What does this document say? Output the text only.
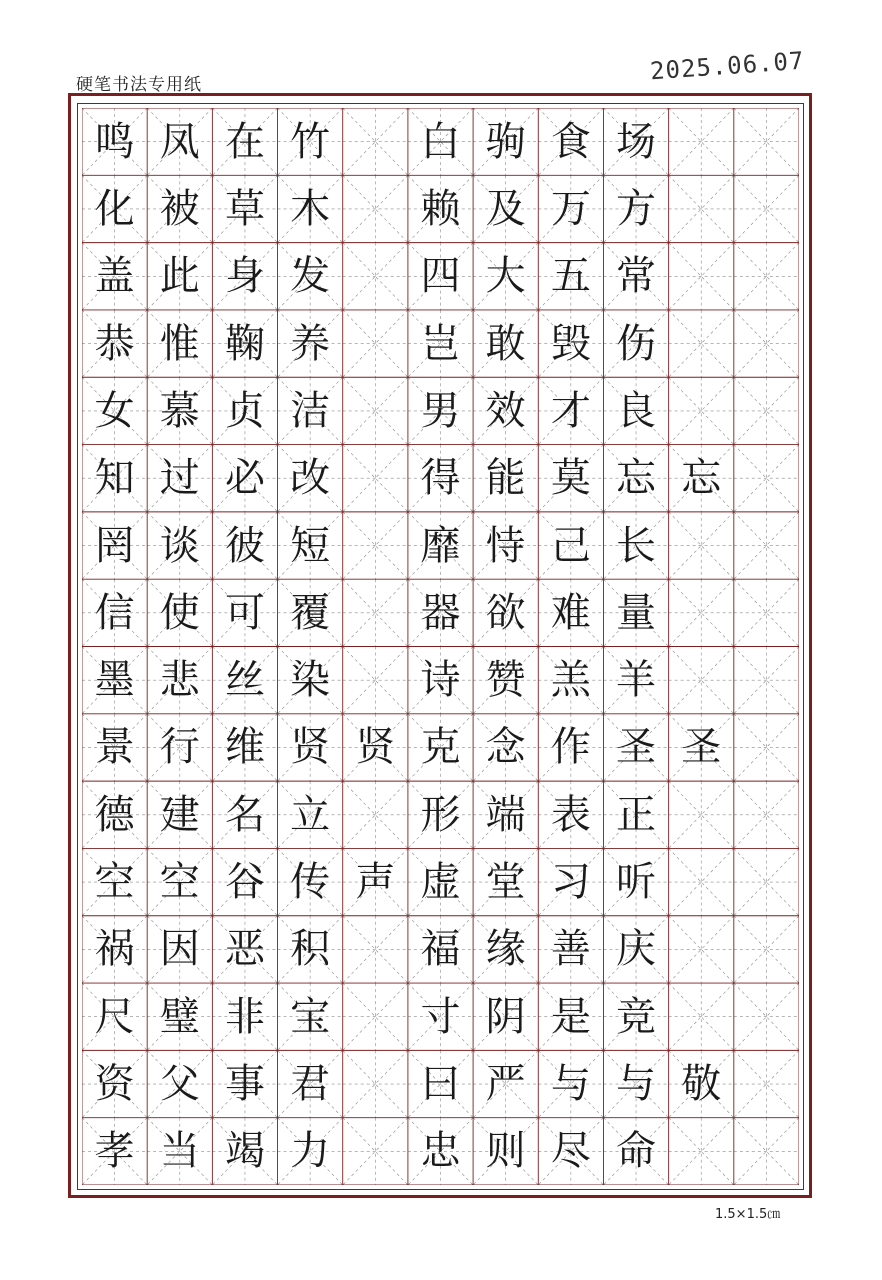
硬笔书法专用纸	2025.06.07
鸣 凤 在 竹	白 驹 食 场
化 被 草 木	赖 及 万 方
盖 此 身 发	四 大 五 常
恭 惟 鞠 养	岂 敢 毁 伤
女 慕 贞 洁	男 效 才 良
知 过 必 改	得 能 莫 忘 忘
罔 谈 彼 短	靡 恃 己 长
信 使 可 覆	器 欲 难 量
墨 悲 丝 染	诗 赞 羔 羊
景 行 维 贤 贤 克 念 作 圣 圣
德 建 名 立	形 端 表 正
空 空 谷 传 声 虚 堂 习 听
祸 因 恶 积	福 缘 善 庆
尺 璧 非 宝	寸 阴 是 竞
资 父 事 君	曰 严 与 与 敬
孝 当 竭 力	忠 则 尽 命
1.5×1.5㎝
